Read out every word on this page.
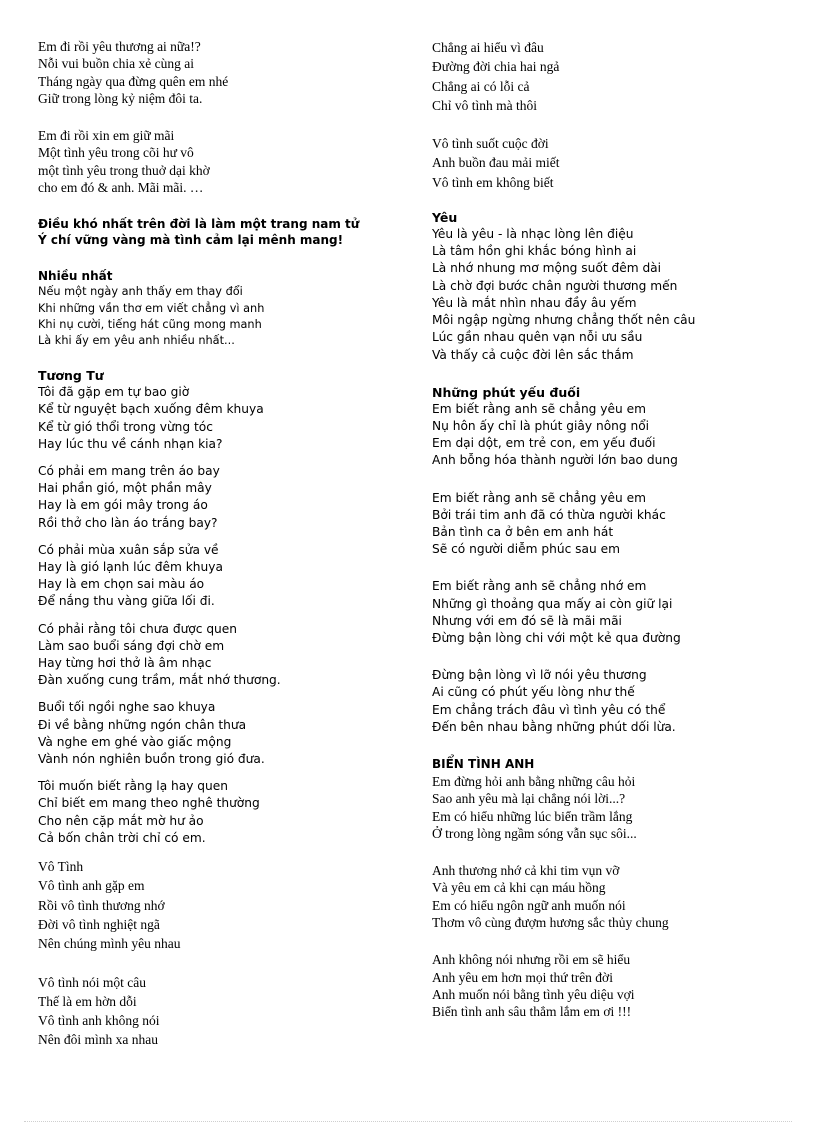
Em đi rồi yêu thương ai nữa!?
Nỗi vui buồn chia xẻ cùng ai
Tháng ngày qua đừng quên em nhé
Giữ trong lòng kỷ niệm đôi ta.
Em đi rồi xin em giữ mãi
Một tình yêu trong cõi hư vô
một tình yêu trong thuở dại khờ
cho em đó & anh. Mãi mãi. …
Điều khó nhất trên đời là làm một trang nam tử
Ý chí vững vàng mà tình cảm lại mênh mang!
Nhiều nhất
Nếu một ngày anh thấy em thay đổi
Khi những vần thơ em viết chẳng vì anh
Khi nụ cười, tiếng hát cũng mong manh
Là khi ấy em yêu anh nhiều nhất...
Tương Tư
Tôi đã gặp em tự bao giờ
Kể từ nguyệt bạch xuống đêm khuya
Kể từ gió thổi trong vừng tóc
Hay lúc thu về cánh nhạn kia?
Có phải em mang trên áo bay
Hai phần gió, một phần mây
Hay là em gói mây trong áo
Rồi thở cho làn áo trắng bay?
Có phải mùa xuân sắp sửa về
Hay là gió lạnh lúc đêm khuya
Hay là em chọn sai màu áo
Để nắng thu vàng giữa lối đi.
Có phải rằng tôi chưa được quen
Làm sao buổi sáng đợi chờ em
Hay từng hơi thở là âm nhạc
Đàn xuống cung trầm, mắt nhớ thương.
Buổi tối ngồi nghe sao khuya
Đi về bằng những ngón chân thưa
Và nghe em ghé vào giấc mộng
Vành nón nghiên buồn trong gió đưa.
Tôi muốn biết rằng lạ hay quen
Chỉ biết em mang theo nghê thường
Cho nên cặp mắt mờ hư ảo
Cả bốn chân trời chỉ có em.
Vô Tình
Vô tình anh gặp em
Rồi vô tình thương nhớ
Đời vô tình nghiệt ngã
Nên chúng mình yêu nhau
Vô tình nói một câu
Thế là em hờn dỗi
Vô tình anh không nói
Nên đôi mình xa nhau
Chẳng ai hiểu vì đâu
Đường đời chia hai ngả
Chẳng ai có lỗi cả
Chỉ vô tình mà thôi
Vô tình suốt cuộc đời
Anh buồn đau mải miết
Vô tình em không biết
Yêu
Yêu là yêu - là nhạc lòng lên điệu
Là tâm hồn ghi khắc bóng hình ai
Là nhớ nhung mơ mộng suốt đêm dài
Là chờ đợi bước chân người thương mến
Yêu là mắt nhìn nhau đầy âu yếm
Môi ngập ngừng nhưng chẳng thốt nên câu
Lúc gần nhau quên vạn nỗi ưu sầu
Và thấy cả cuộc đời lên sắc thắm
Những phút yếu đuối
Em biết rằng anh sẽ chẳng yêu em
Nụ hôn ấy chỉ là phút giây nông nổi
Em dại dột, em trẻ con, em yếu đuối
Anh bỗng hóa thành người lớn bao dung
Em biết rằng anh sẽ chẳng yêu em
Bởi trái tim anh đã có thừa người khác
Bản tình ca ở bên em anh hát
Sẽ có người diễm phúc sau em
Em biết rằng anh sẽ chẳng nhớ em
Những gì thoảng qua mấy ai còn giữ lại
Nhưng với em đó sẽ là mãi mãi
Đừng bận lòng chi với một kẻ qua đường
Đừng bận lòng vì lỡ nói yêu thương
Ai cũng có phút yếu lòng như thế
Em chẳng trách đâu vì tình yêu có thể
Đến bên nhau bằng những phút dối lừa.
BIỂN TÌNH ANH
Em đừng hỏi anh bằng những câu hỏi
Sao anh yêu mà lại chẳng nói lời...?
Em có hiểu những lúc biển trầm lắng
Ở trong lòng ngầm sóng vẫn sục sôi...
Anh thương nhớ cả khi tim vụn vỡ
Và yêu em cả khi cạn máu hồng
Em có hiểu ngôn ngữ anh muốn nói
Thơm vô cùng đượm hương sắc thủy chung
Anh không nói nhưng rồi em sẽ hiểu
Anh yêu em hơn mọi thứ trên đời
Anh muốn nói bằng tình yêu diệu vợi
Biển tình anh sâu thẳm lắm em ơi !!!
